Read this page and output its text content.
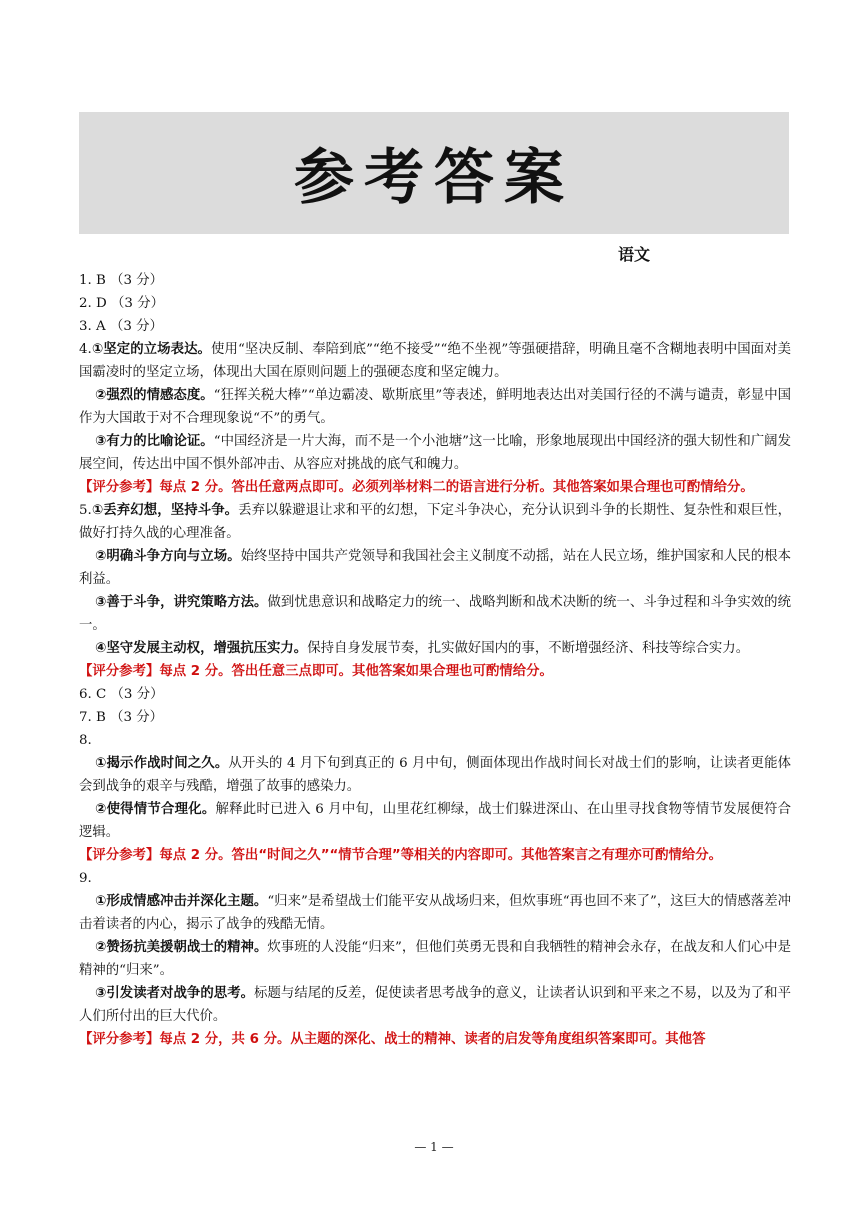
参考答案
语文

1. B （3 分）

2. D （3 分）

3. A （3 分）

4.①坚定的立场表达。使用“坚决反制、奉陪到底”“绝不接受”“绝不坐视”等强硬措辞，明确且毫不含糊地表明中国面对美国霸凌时的坚定立场，体现出大国在原则问题上的强硬态度和坚定魄力。

②强烈的情感态度。“狂挥关税大棒”“单边霸凌、歇斯底里”等表述，鲜明地表达出对美国行径的不满与谴责，彰显中国作为大国敢于对不合理现象说“不”的勇气。

③有力的比喻论证。“中国经济是一片大海，而不是一个小池塘”这一比喻，形象地展现出中国经济的强大韧性和广阔发展空间，传达出中国不惧外部冲击、从容应对挑战的底气和魄力。

【评分参考】每点 2 分。答出任意两点即可。必须列举材料二的语言进行分析。其他答案如果合理也可酌情给分。

5.①丢弃幻想，坚持斗争。丢弃以躲避退让求和平的幻想，下定斗争决心，充分认识到斗争的长期性、复杂性和艰巨性，做好打持久战的心理准备。

②明确斗争方向与立场。始终坚持中国共产党领导和我国社会主义制度不动摇，站在人民立场，维护国家和人民的根本利益。

③善于斗争，讲究策略方法。做到忧患意识和战略定力的统一、战略判断和战术决断的统一、斗争过程和斗争实效的统一。

④坚守发展主动权，增强抗压实力。保持自身发展节奏，扎实做好国内的事，不断增强经济、科技等综合实力。

【评分参考】每点 2 分。答出任意三点即可。其他答案如果合理也可酌情给分。

6. C （3 分）

7. B （3 分）

8.

①揭示作战时间之久。从开头的 4 月下旬到真正的 6 月中旬，侧面体现出作战时间长对战士们的影响，让读者更能体会到战争的艰辛与残酷，增强了故事的感染力。

②使得情节合理化。解释此时已进入 6 月中旬，山里花红柳绿，战士们躲进深山、在山里寻找食物等情节发展便符合逻辑。

【评分参考】每点 2 分。答出“时间之久”“情节合理”等相关的内容即可。其他答案言之有理亦可酌情给分。

9.

①形成情感冲击并深化主题。“归来”是希望战士们能平安从战场归来，但炊事班“再也回不来了”，这巨大的情感落差冲击着读者的内心，揭示了战争的残酷无情。

②赞扬抗美援朝战士的精神。炊事班的人没能“归来”，但他们英勇无畏和自我牺牲的精神会永存，在战友和人们心中是精神的“归来”。

③引发读者对战争的思考。标题与结尾的反差，促使读者思考战争的意义，让读者认识到和平来之不易，以及为了和平人们所付出的巨大代价。

【评分参考】每点 2 分，共 6 分。从主题的深化、战士的精神、读者的启发等角度组织答案即可。其他答

— 1 —
